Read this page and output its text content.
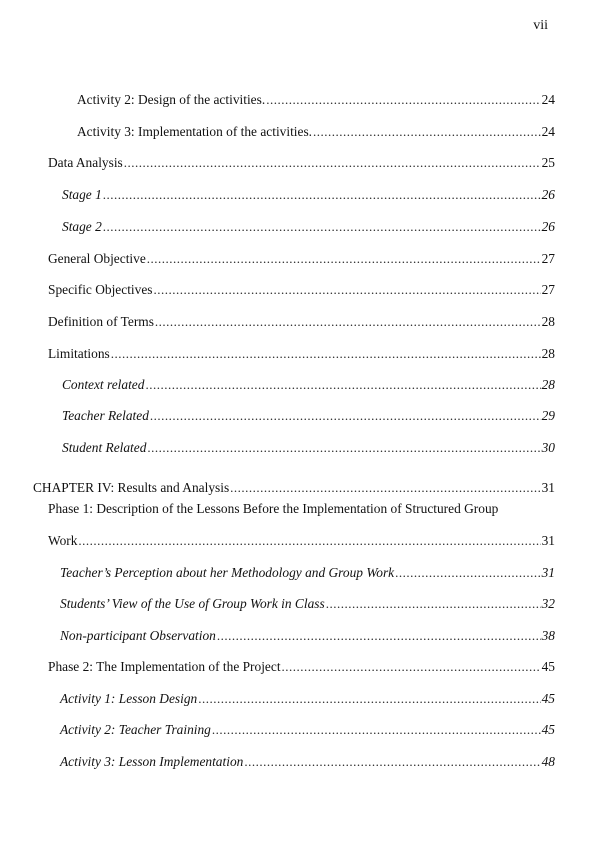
vii
Activity 2: Design of the activities. .....	24
Activity 3: Implementation of the activities. .....	24
Data Analysis .....	25
Stage 1 .....	26
Stage 2 .....	26
General Objective .....	27
Specific Objectives .....	27
Definition of Terms .....	28
Limitations .....	28
Context related .....	28
Teacher Related .....	29
Student Related .....	30
CHAPTER IV: Results and Analysis .....	31
Phase 1: Description of the Lessons Before the Implementation of Structured Group
Work .....	31
Teacher’s Perception about her Methodology and Group Work .....	31
Students’ View of the Use of Group Work in Class .....	32
Non-participant Observation .....	38
Phase 2: The Implementation of the Project .....	45
Activity 1: Lesson Design .....	45
Activity 2: Teacher Training .....	45
Activity 3: Lesson Implementation .....	48
